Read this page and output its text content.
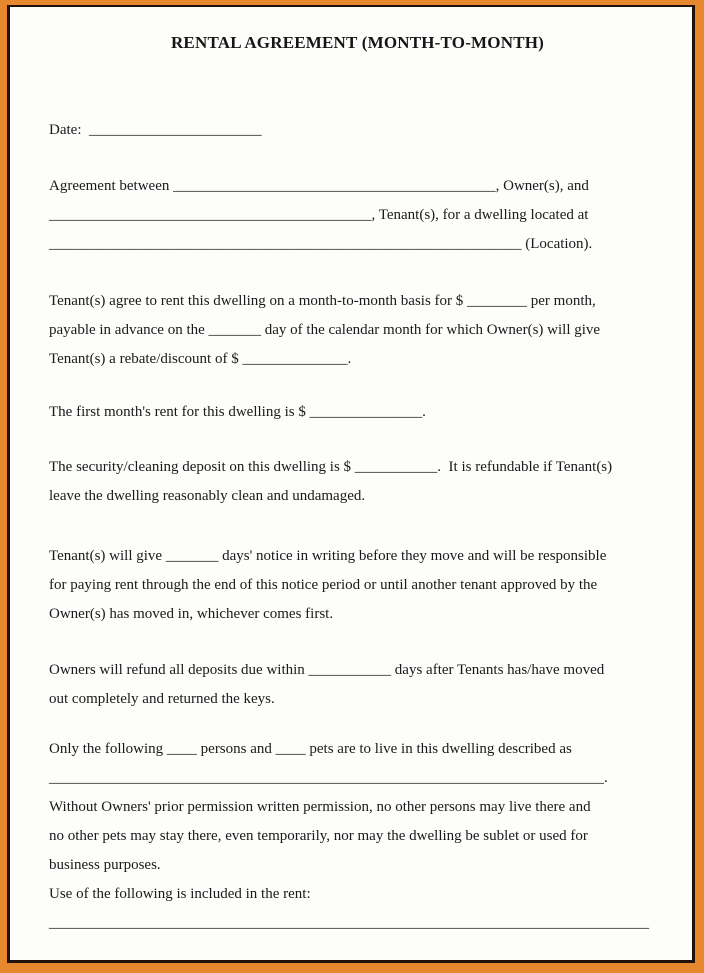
RENTAL AGREEMENT (MONTH-TO-MONTH)

Date:  _______________________

Agreement between ___________________________________________, Owner(s), and

___________________________________________, Tenant(s), for a dwelling located at

_______________________________________________________________ (Location).

Tenant(s) agree to rent this dwelling on a month-to-month basis for $ ________ per month,

payable in advance on the _______ day of the calendar month for which Owner(s) will give

Tenant(s) a rebate/discount of $ ______________.

The first month's rent for this dwelling is $ _______________.

The security/cleaning deposit on this dwelling is $ ___________.  It is refundable if Tenant(s)

leave the dwelling reasonably clean and undamaged.

Tenant(s) will give _______ days' notice in writing before they move and will be responsible

for paying rent through the end of this notice period or until another tenant approved by the

Owner(s) has moved in, whichever comes first.

Owners will refund all deposits due within ___________ days after Tenants has/have moved

out completely and returned the keys.

Only the following ____ persons and ____ pets are to live in this dwelling described as

__________________________________________________________________________.

Without Owners' prior permission written permission, no other persons may live there and

no other pets may stay there, even temporarily, nor may the dwelling be sublet or used for

business purposes.

Use of the following is included in the rent:

________________________________________________________________________________
